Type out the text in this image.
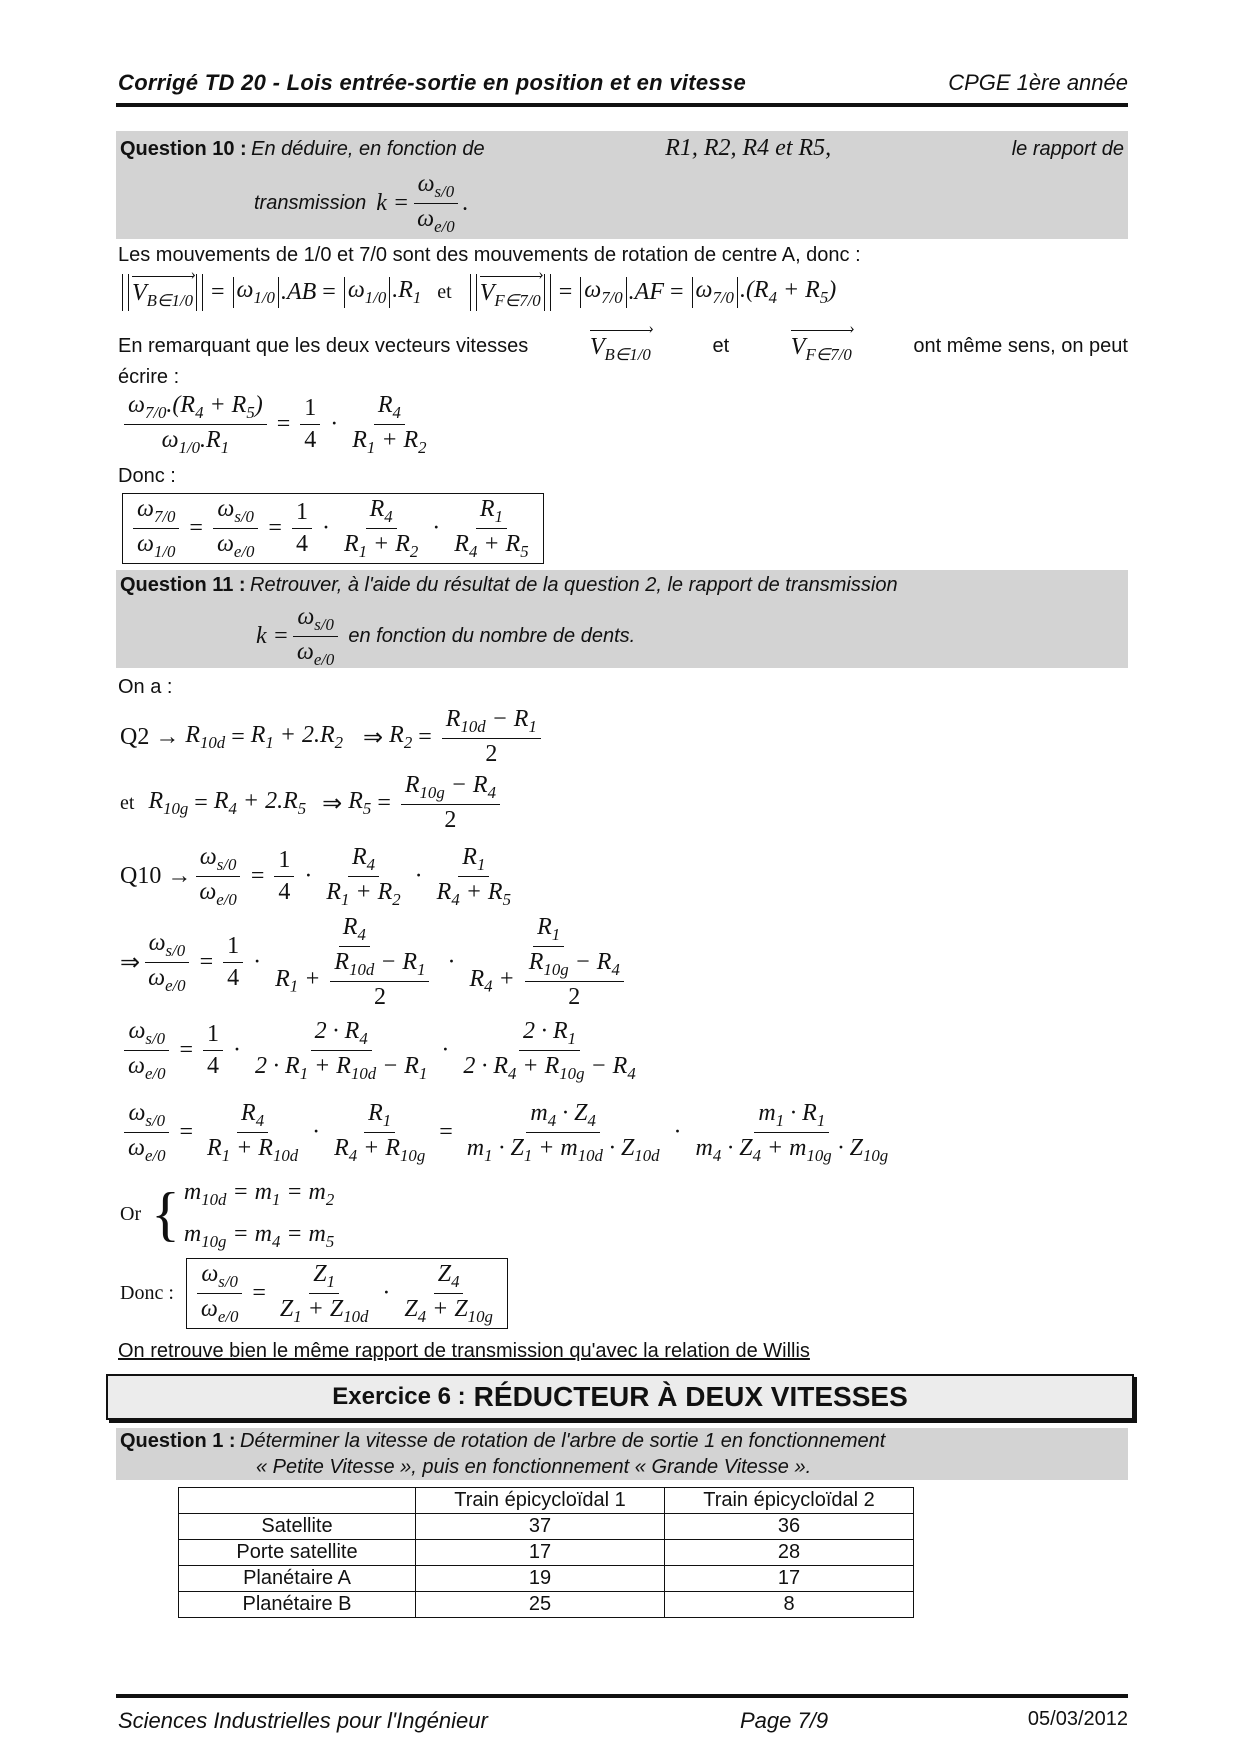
Corrigé TD 20 - Lois entrée-sortie en position et en vitesse	CPGE 1ère année
Question 10 : En déduire, en fonction de	R1, R2, R4 et R5,	le rapport de
transmission $k = \frac{\omega_{s/0}}{\omega_{e/0}}$ .
Les mouvements de 1/0 et 7/0 sont des mouvements de rotation de centre A, donc :
$V_{B\in 1/0}$ › = $\omega_{1/0}$ $.AB = \omega_{1/0}$ $.R_1$ et	$V_{F\in 7/0}$ › = $\omega_{7/0}$ $.AF = \omega_{7/0}$ $.(R_4 + R_5)$
En remarquant que les deux vecteurs vitesses	$V_{B\in 1/0}$ ›	et	$V_{F\in 7/0}$ ›	ont même sens, on peut
écrire :
$\frac{\omega_{7/0}.(R_4 + R_5)}{\omega_{1/0}.R_1} = \frac{1}{4} \cdot \frac{R_4}{R_1 + R_2}$
Donc :
$\frac{\omega_{7/0}}{\omega_{1/0}} = \frac{\omega_{s/0}}{\omega_{e/0}} = \frac{1}{4} \cdot \frac{R_4}{R_1 + R_2} \cdot \frac{R_1}{R_4 + R_5}$
Question 11 : Retrouver, à l'aide du résultat de la question 2, le rapport de transmission
$k = \frac{\omega_{s/0}}{\omega_{e/0}}$ en fonction du nombre de dents.
On a :
$Q2 \to R_{10d} = R_1 + 2.R_2$ ⇒ $R_2 = \frac{R_{10d} - R_1}{2}$
et $R_{10g} = R_4 + 2.R_5$ ⇒ $R_5 = \frac{R_{10g} - R_4}{2}$
$Q10 \to \frac{\omega_{s/0}}{\omega_{e/0}} = \frac{1}{4} \cdot \frac{R_4}{R_1 + R_2} \cdot \frac{R_1}{R_4 + R_5}$
⇒ $\frac{\omega_{s/0}}{\omega_{e/0}} = \frac{1}{4} \cdot \frac{R_4}{R_1 + \frac{R_{10d} - R_1}{2}} \cdot \frac{R_1}{R_4 + \frac{R_{10g} - R_4}{2}}$
$\frac{\omega_{s/0}}{\omega_{e/0}} = \frac{1}{4} \cdot \frac{2 \cdot R_4}{2 \cdot R_1 + R_{10d} - R_1} \cdot \frac{2 \cdot R_1}{2 \cdot R_4 + R_{10g} - R_4}$
$\frac{\omega_{s/0}}{\omega_{e/0}} = \frac{R_4}{R_1 + R_{10d}} \cdot \frac{R_1}{R_4 + R_{10g}} = \frac{m_4 \cdot Z_4}{m_1 \cdot Z_1 + m_{10d} \cdot Z_{10d}} \cdot \frac{m_1 \cdot R_1}{m_4 \cdot Z_4 + m_{10g} \cdot Z_{10g}}$
Or { $m_{10d} = m_1 = m_2$
$m_{10g} = m_4 = m_5$
Donc : $\frac{\omega_{s/0}}{\omega_{e/0}} = \frac{Z_1}{Z_1 + Z_{10d}} \cdot \frac{Z_4}{Z_4 + Z_{10g}}$
On retrouve bien le même rapport de transmission qu'avec la relation de Willis
Exercice 6 : RÉDUCTEUR À DEUX VITESSES
Question 1 : Déterminer la vitesse de rotation de l'arbre de sortie 1 en fonctionnement
« Petite Vitesse », puis en fonctionnement « Grande Vitesse ».
	Train épicycloïdal 1	Train épicycloïdal 2
Satellite	37	36
Porte satellite	17	28
Planétaire A	19	17
Planétaire B	25	8
Sciences Industrielles pour l'Ingénieur	Page 7/9	05/03/2012
